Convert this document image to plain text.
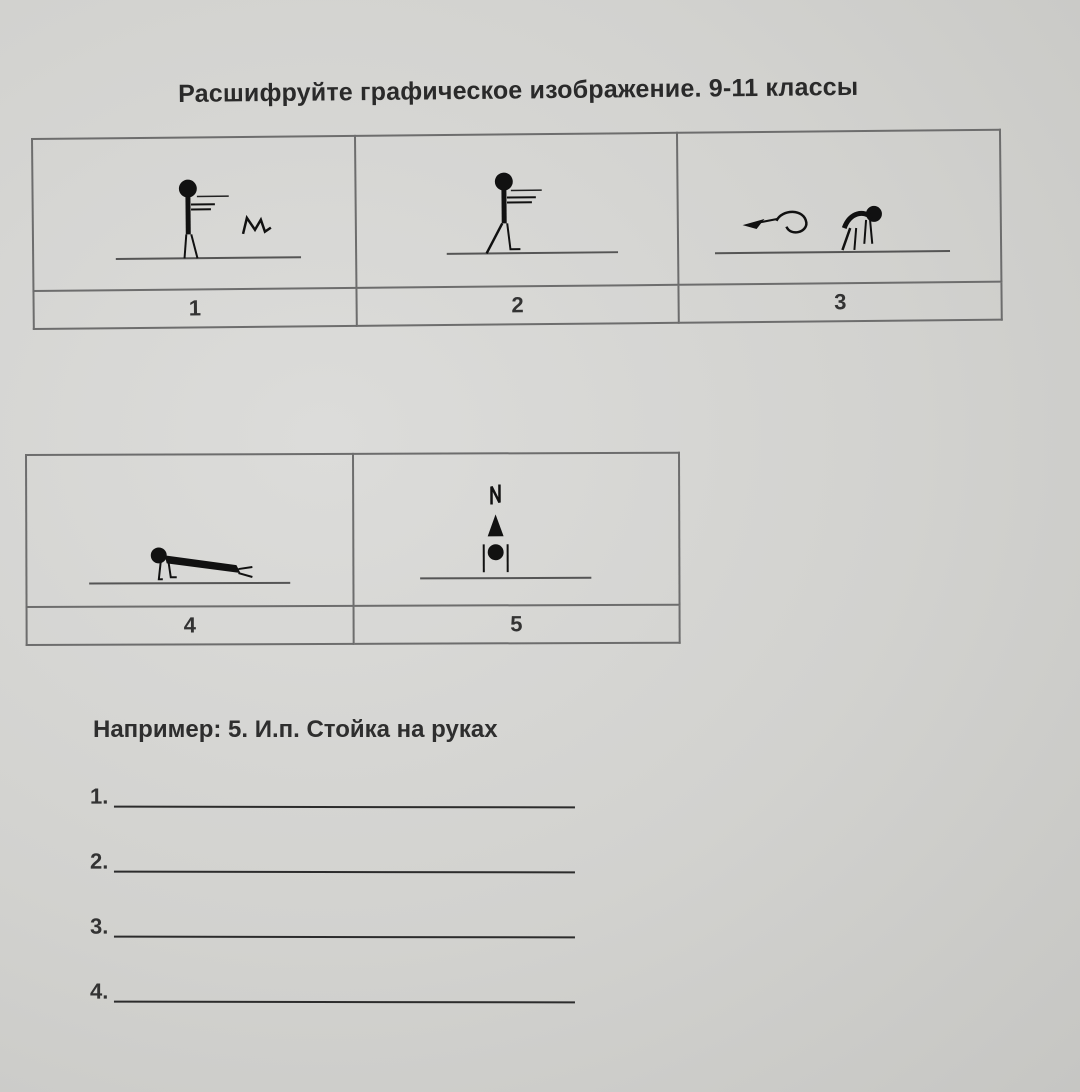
Расшифруйте графическое изображение. 9-11 классы

1	2	3

4	5
Например: 5. И.п. Стойка на руках
1.
2.
3.
4.
